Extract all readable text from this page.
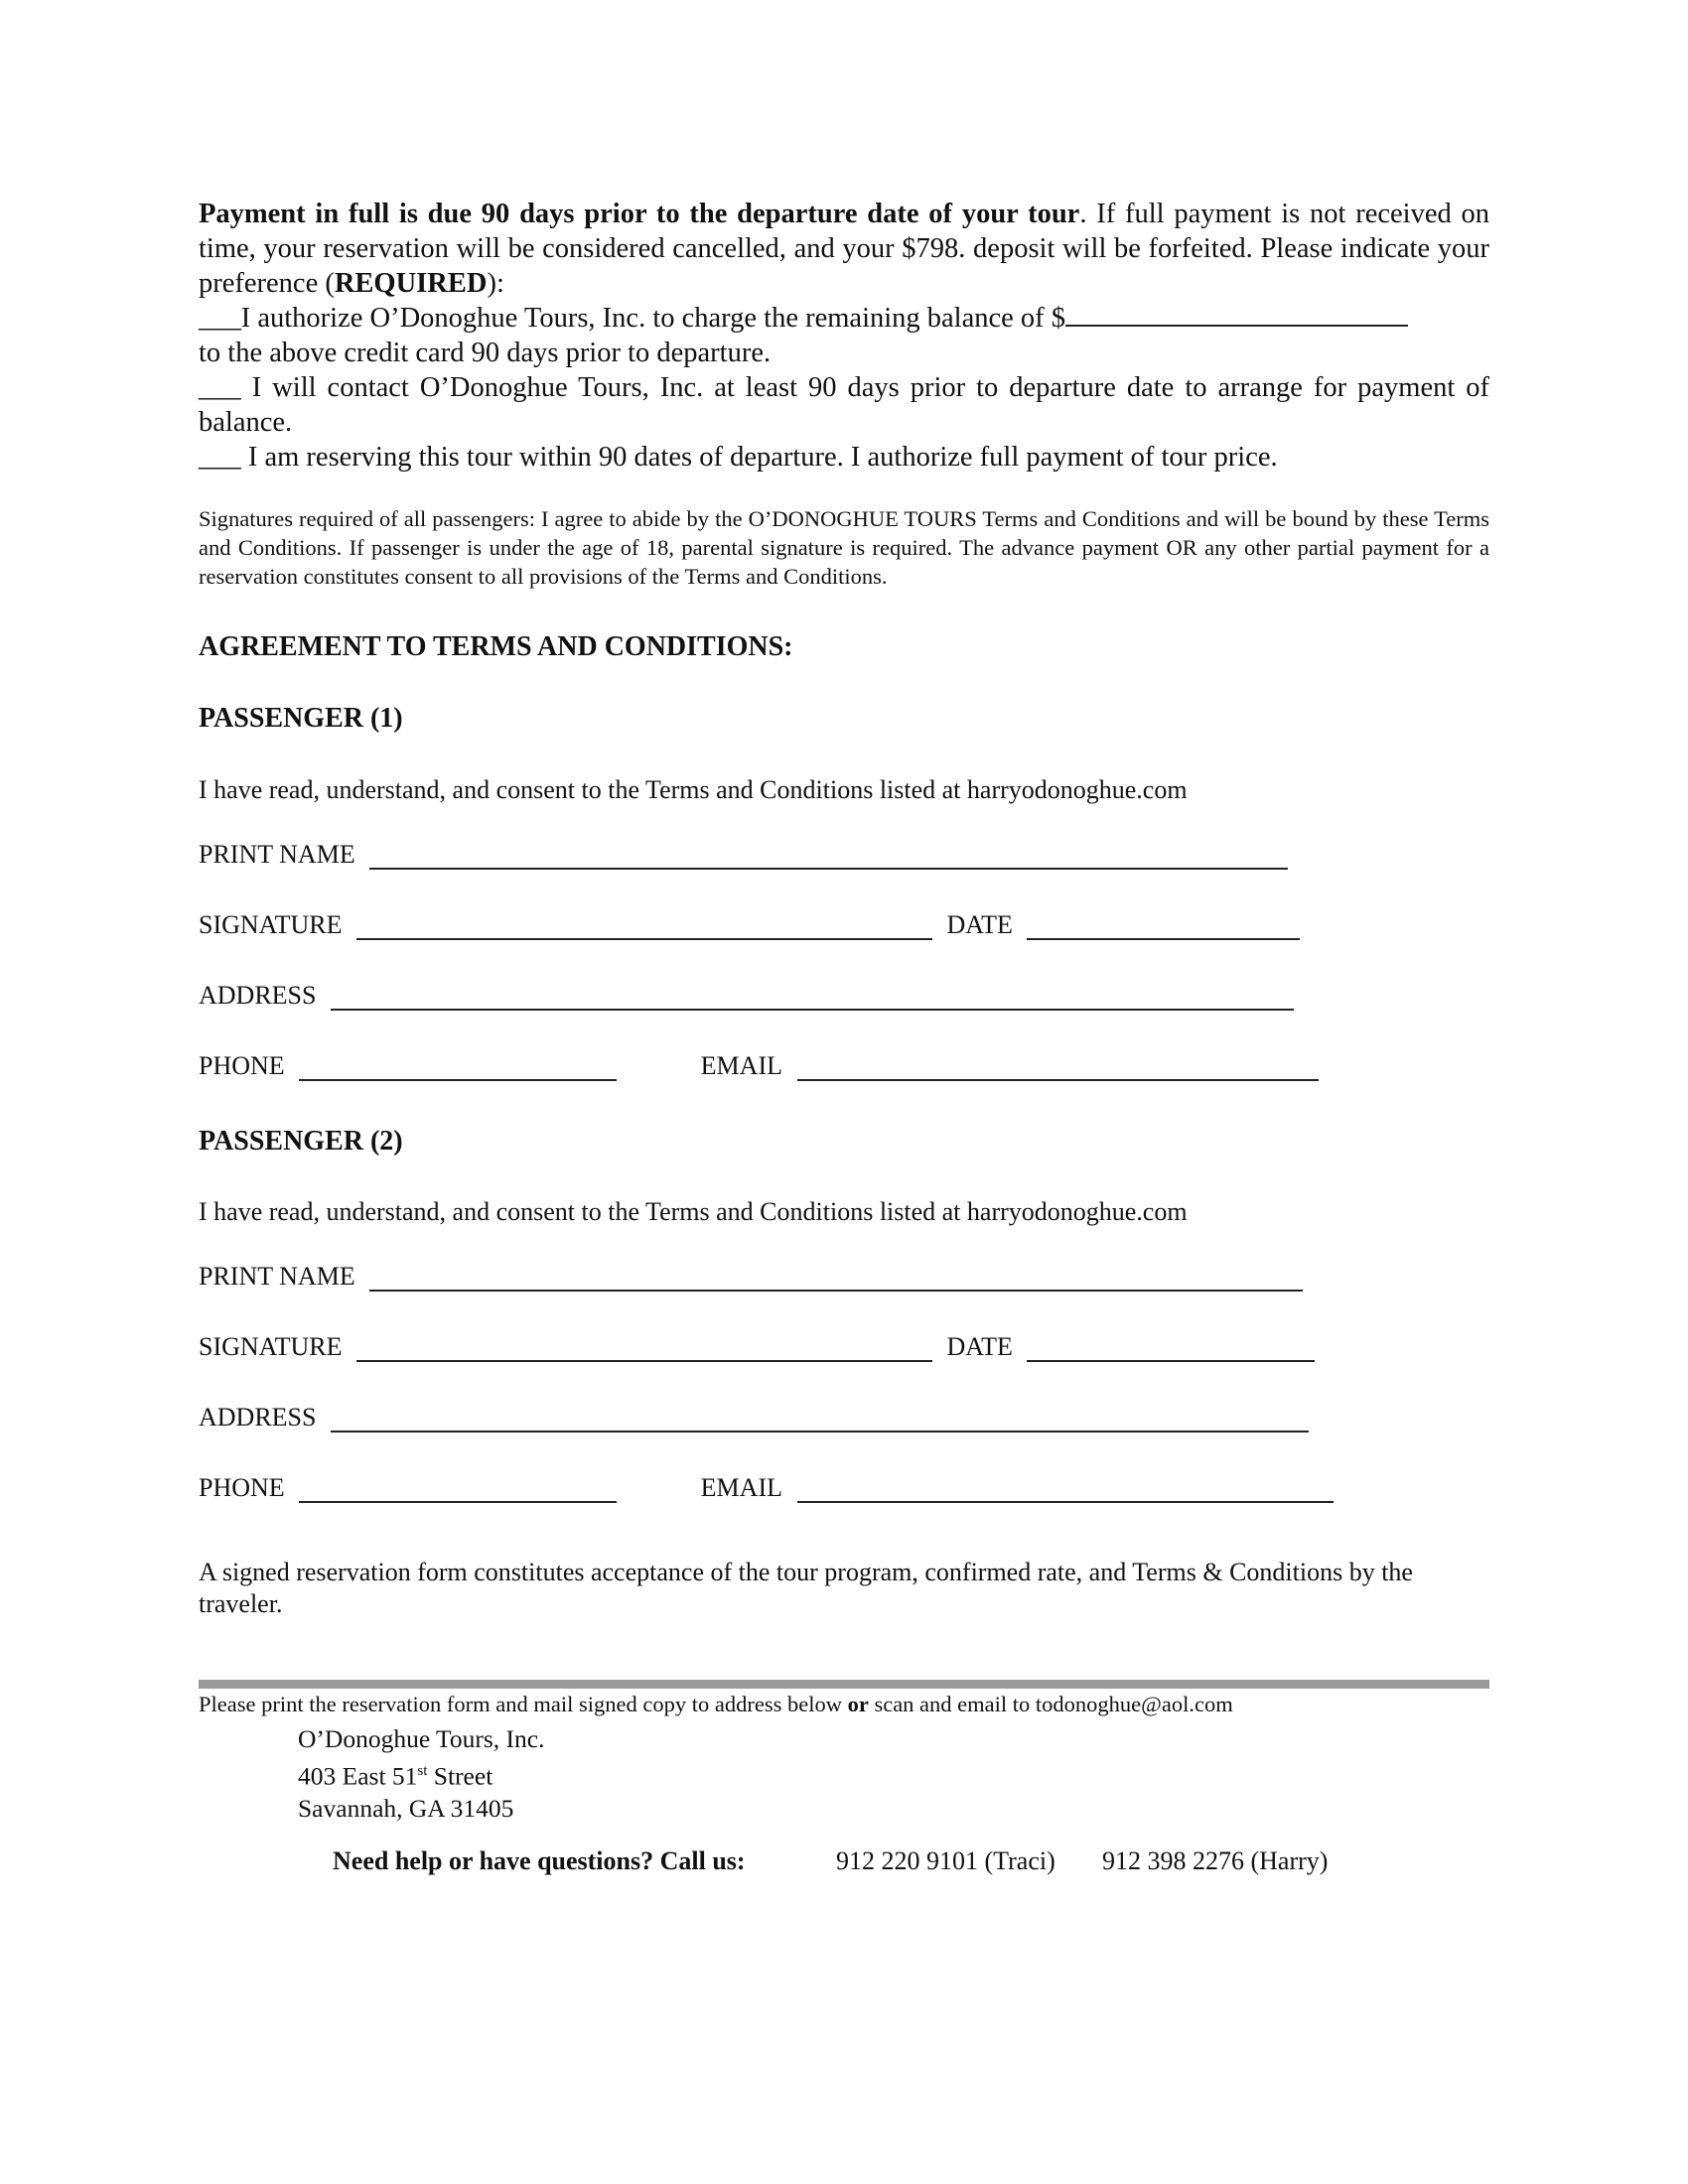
Payment in full is due 90 days prior to the departure date of your tour. If full payment is not received on time, your reservation will be considered cancelled, and your $798. deposit will be forfeited. Please indicate your preference (REQUIRED):

___I authorize O’Donoghue Tours, Inc. to charge the remaining balance of $

to the above credit card 90 days prior to departure.

___ I will contact O’Donoghue Tours, Inc. at least 90 days prior to departure date to arrange for payment of balance.

___ I am reserving this tour within 90 dates of departure. I authorize full payment of tour price.

Signatures required of all passengers: I agree to abide by the O’DONOGHUE TOURS Terms and Conditions and will be bound by these Terms and Conditions. If passenger is under the age of 18, parental signature is required. The advance payment OR any other partial payment for a reservation constitutes consent to all provisions of the Terms and Conditions.
AGREEMENT TO TERMS AND CONDITIONS:
PASSENGER (1)
I have read, understand, and consent to the Terms and Conditions listed at harryodonoghue.com
PRINT NAME
SIGNATURE	DATE
ADDRESS
PHONE	EMAIL
PASSENGER (2)
I have read, understand, and consent to the Terms and Conditions listed at harryodonoghue.com
PRINT NAME
SIGNATURE	DATE
ADDRESS
PHONE	EMAIL
A signed reservation form constitutes acceptance of the tour program, confirmed rate, and Terms & Conditions by the traveler.
Please print the reservation form and mail signed copy to address below or scan and email to todonoghue@aol.com
O’Donoghue Tours, Inc.
403 East 51st Street
Savannah, GA 31405
Need help or have questions? Call us:	912 220 9101 (Traci) 912 398 2276 (Harry)
